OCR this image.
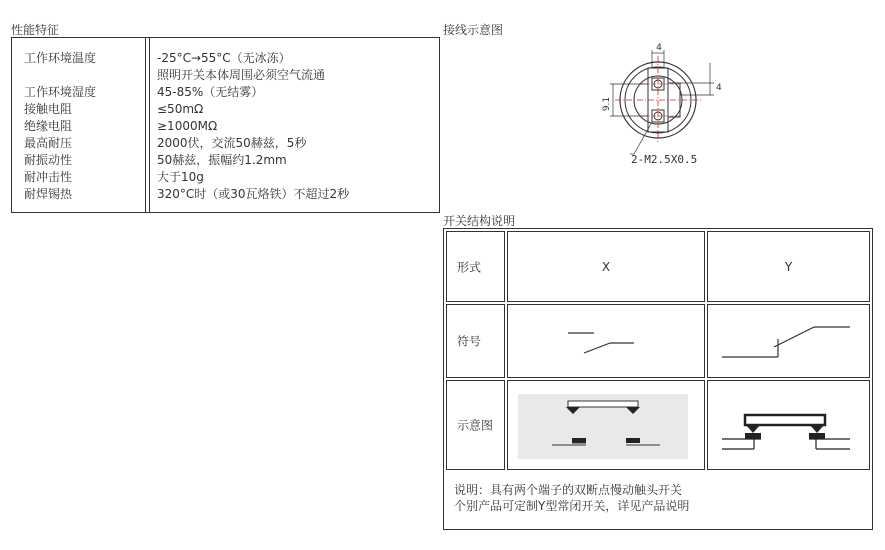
性能特征
工作环境温度	-25°C→55°C（无冰冻）
照明开关本体周围必须空气流通
工作环境湿度	45-85%（无结雾）
接触电阻	≤50mΩ
绝缘电阻	≥1000MΩ
最高耐压	2000伏，交流50赫兹，5秒
耐振动性	50赫兹，振幅约1.2mm
耐冲击性	大于10g
耐焊锡热	320°C时（或30瓦烙铁）不超过2秒
接线示意图
4
4
9.1
2-M2.5X0.5
开关结构说明
形式	X	Y
符号
示意图
说明：具有两个端子的双断点慢动触头开关
个别产品可定制Y型常闭开关，详见产品说明
